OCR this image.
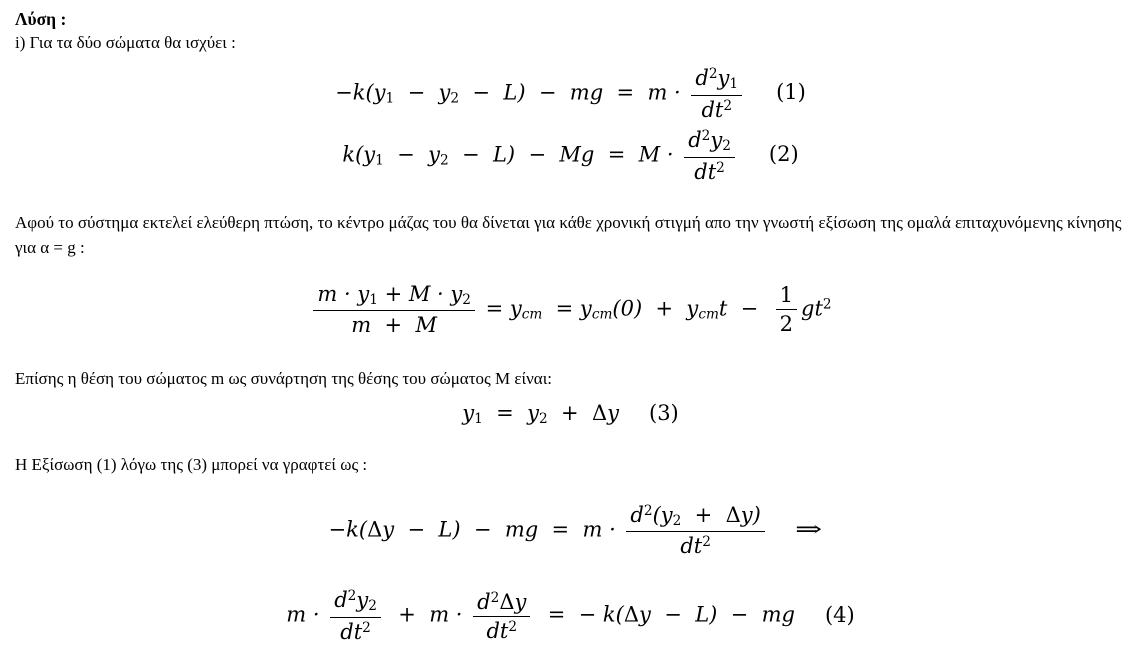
Λύση :
i) Για τα δύο σώματα θα ισχύει :
−k(y1  −  y2  −  L)  −  mg  =  $m \cdot \frac{d^2y1}{dt^2} (1)$
$k(y1 - y2 - L) - Mg = M \cdot \frac{d^2y2}{dt^2} (2)$
Αφού το σύστημα εκτελεί ελεύθερη πτώση, το κέντρο μάζας του θα δίνεται για κάθε χρονική στιγμή απο την γνωστή εξίσωση της ομαλά επιταχυνόμενης κίνησης για α = g :
$\frac{m \cdot y1 + M \cdot y2}{m + M}$ = ycm  = ycm(0)  +  ycmt  − $\frac{1}{2} gt^2$
Επίσης η θέση του σώματος m ως συνάρτηση της θέσης του σώματος M είναι:
y1  =  y2  +  Δy (3)
Η Εξίσωση (1) λόγω της (3) μπορεί να γραφτεί ως :
−k(Δy  −  L)  −  mg  =  $m \cdot \frac{d^2(y2 + \Delta y)}{dt^2}$ ⇒
$m \cdot \frac{d^2y2}{dt^2} + m \cdot \frac{d^2\Delta y}{dt^2}$ =  − k(Δy  −  L)  −  mg (4)
